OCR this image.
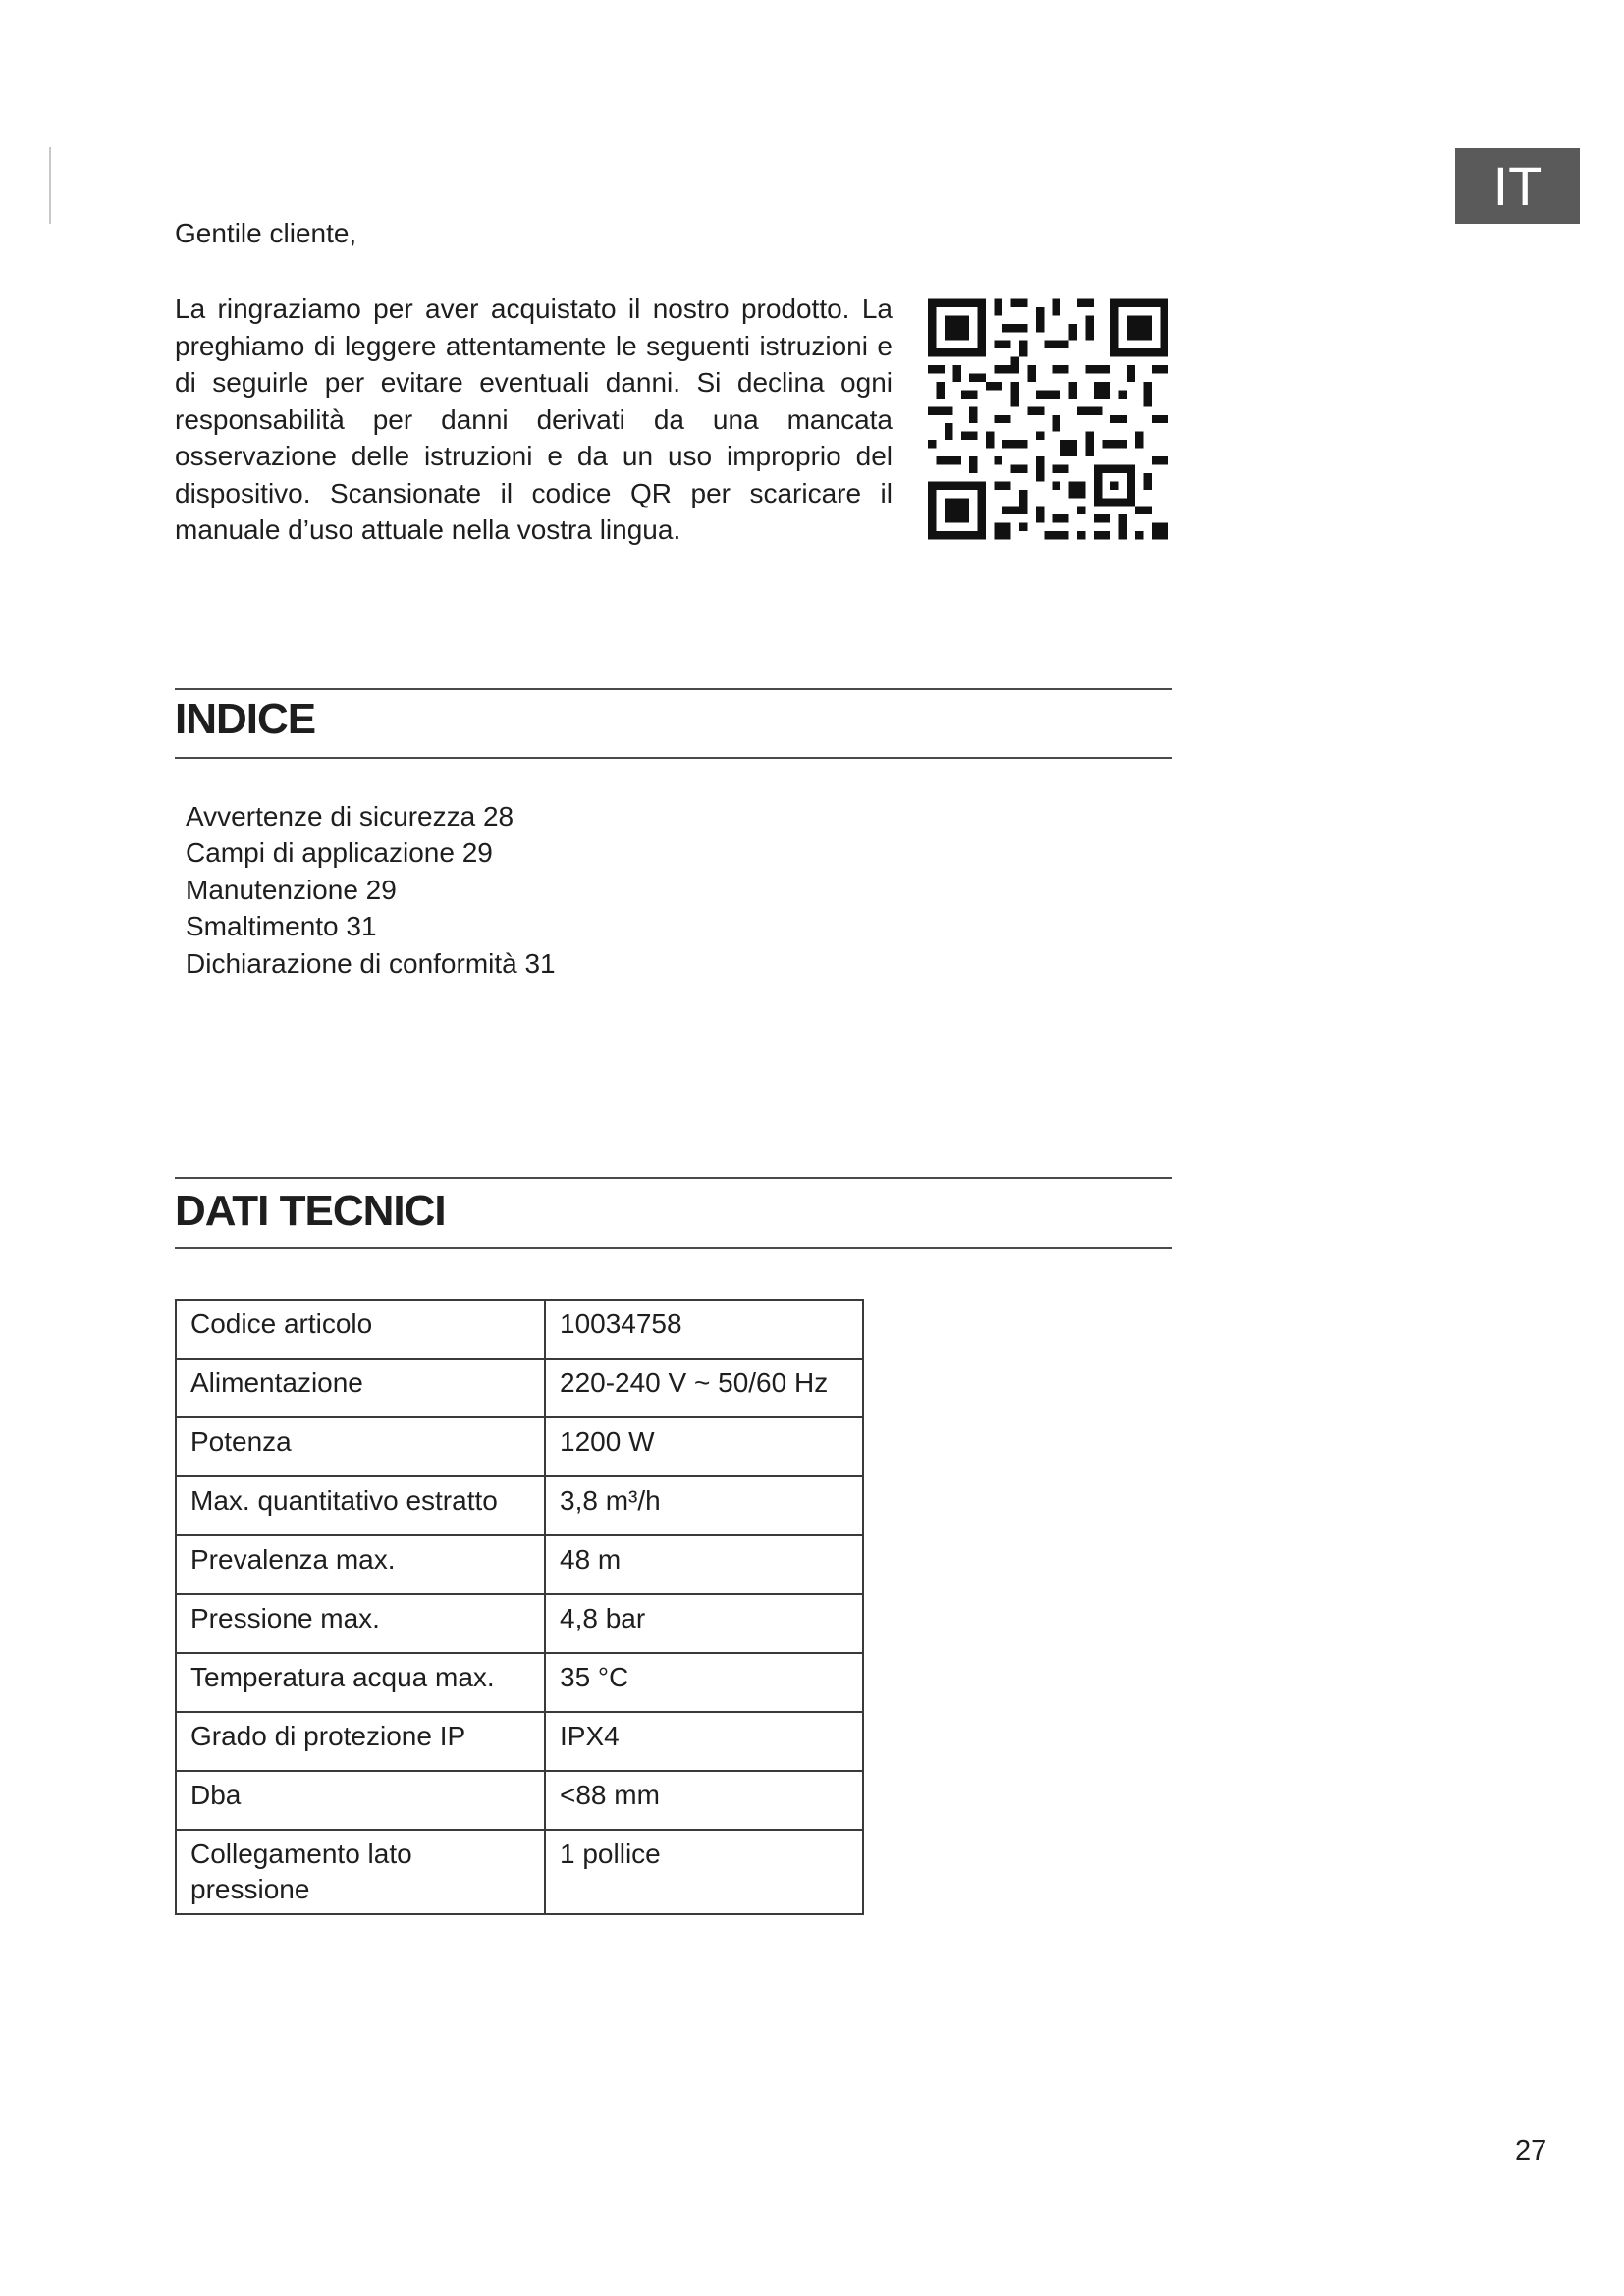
IT
Gentile cliente,

La ringraziamo per aver acquistato il nostro prodotto. La preghiamo di leggere attentamente le seguenti istruzioni e di seguirle per evitare eventuali danni. Si declina ogni responsabilità per danni derivati da una mancata osservazione delle istruzioni e da un uso improprio del dispositivo. Scansionate il codice QR per scaricare il manuale d’uso attuale nella vostra lingua.

INDICE
Avvertenze di sicurezza 28
Campi di applicazione 29
Manutenzione 29
Smaltimento 31
Dichiarazione di conformità 31
DATI TECNICI
Codice articolo	10034758
Alimentazione	220-240 V ~ 50/60 Hz
Potenza	1200 W
Max. quantitativo estratto	3,8 m³/h
Prevalenza max.	48 m
Pressione max.	4,8 bar
Temperatura acqua max.	35 °C
Grado di protezione IP	IPX4
Dba	<88 mm
Collegamento lato pressione	1 pollice
27
